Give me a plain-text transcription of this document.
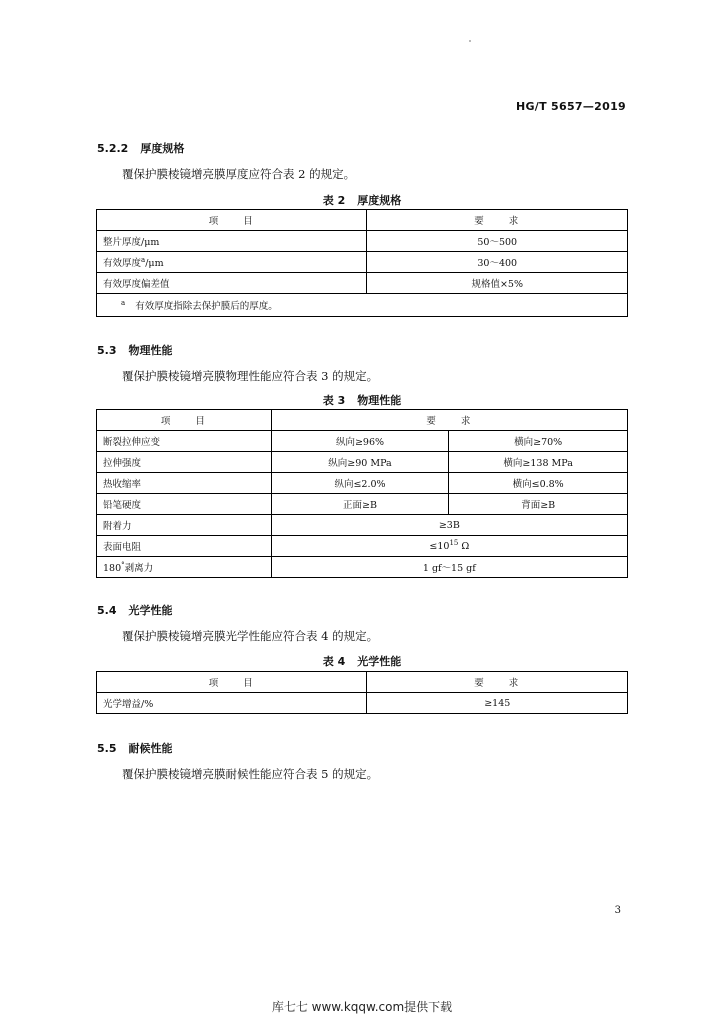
HG/T 5657—2019
5.2.2 厚度规格
覆保护膜棱镜增亮膜厚度应符合表 2 的规定。
表 2 厚度规格
项　　目	要　　求
整片厚度/μm	50～500
有效厚度$^a$/μm	30～400
有效厚度偏差值	规格值×5%
$^a$ 有效厚度指除去保护膜后的厚度。	
5.3 物理性能
覆保护膜棱镜增亮膜物理性能应符合表 3 的规定。
表 3 物理性能
项　　目	要　　求	
断裂拉伸应变	纵向≥96%	横向≥70%
拉伸强度	纵向≥90 MPa	横向≥138 MPa
热收缩率	纵向≤2.0%	横向≤0.8%
铅笔硬度	正面≥B	背面≥B
附着力	≥3B	
表面电阻	$\le 10^{15}$ Ω	
180°剥离力	1 gf～15 gf	
5.4 光学性能
覆保护膜棱镜增亮膜光学性能应符合表 4 的规定。
表 4 光学性能
项　　目	要　　求
光学增益/%	≥145
5.5 耐候性能
覆保护膜棱镜增亮膜耐候性能应符合表 5 的规定。
3
库七七 www.kqqw.com提供下载
